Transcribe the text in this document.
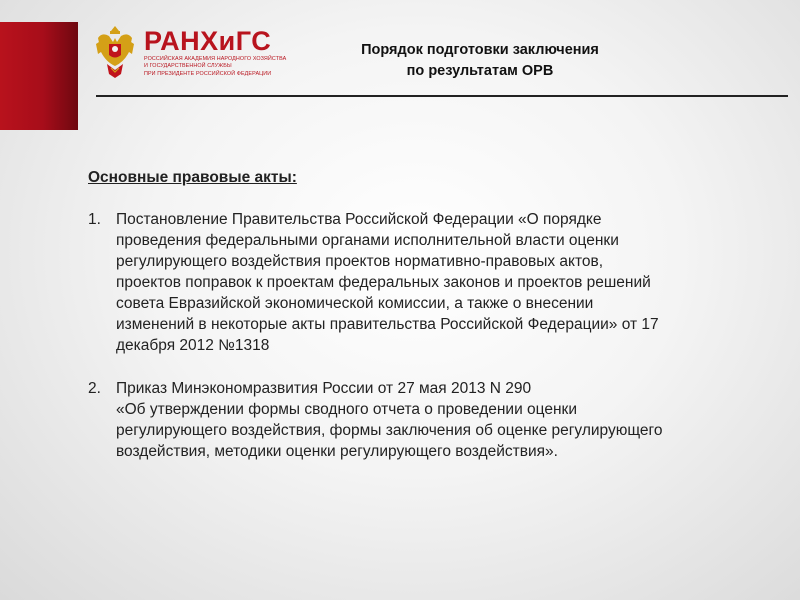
РАНХиГС
РОССИЙСКАЯ АКАДЕМИЯ НАРОДНОГО ХОЗЯЙСТВА
И ГОСУДАРСТВЕННОЙ СЛУЖБЫ
ПРИ ПРЕЗИДЕНТЕ РОССИЙСКОЙ ФЕДЕРАЦИИ
Порядок подготовки заключения
по результатам ОРВ
Основные правовые акты:
1. Постановление Правительства Российской Федерации «О порядке
проведения федеральными органами исполнительной власти оценки
регулирующего воздействия проектов нормативно-правовых актов,
проектов поправок к проектам федеральных законов и проектов решений
совета Евразийской экономической комиссии, а также о внесении
изменений в некоторые акты правительства Российской Федерации» от 17
декабря 2012 №1318
2. Приказ Минэкономразвития России от 27 мая 2013 N 290
«Об утверждении формы сводного отчета о проведении оценки
регулирующего воздействия, формы заключения об оценке регулирующего
воздействия, методики оценки регулирующего воздействия».
